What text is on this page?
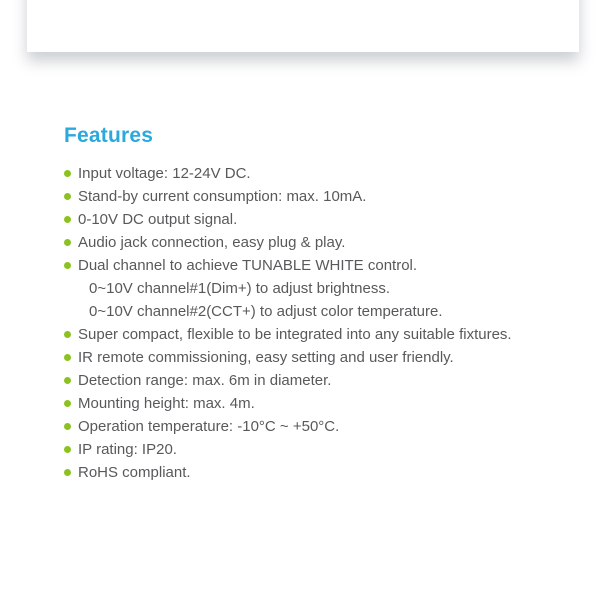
Features
Input voltage: 12-24V DC.
Stand-by current consumption: max. 10mA.
0-10V DC output signal.
Audio jack connection, easy plug & play.
Dual channel to achieve TUNABLE WHITE control.
0~10V channel#1(Dim+) to adjust brightness.
0~10V channel#2(CCT+) to adjust color temperature.
Super compact, flexible to be integrated into any suitable fixtures.
IR remote commissioning, easy setting and user friendly.
Detection range: max. 6m in diameter.
Mounting height: max. 4m.
Operation temperature: -10°C ~ +50°C.
IP rating: IP20.
RoHS compliant.
